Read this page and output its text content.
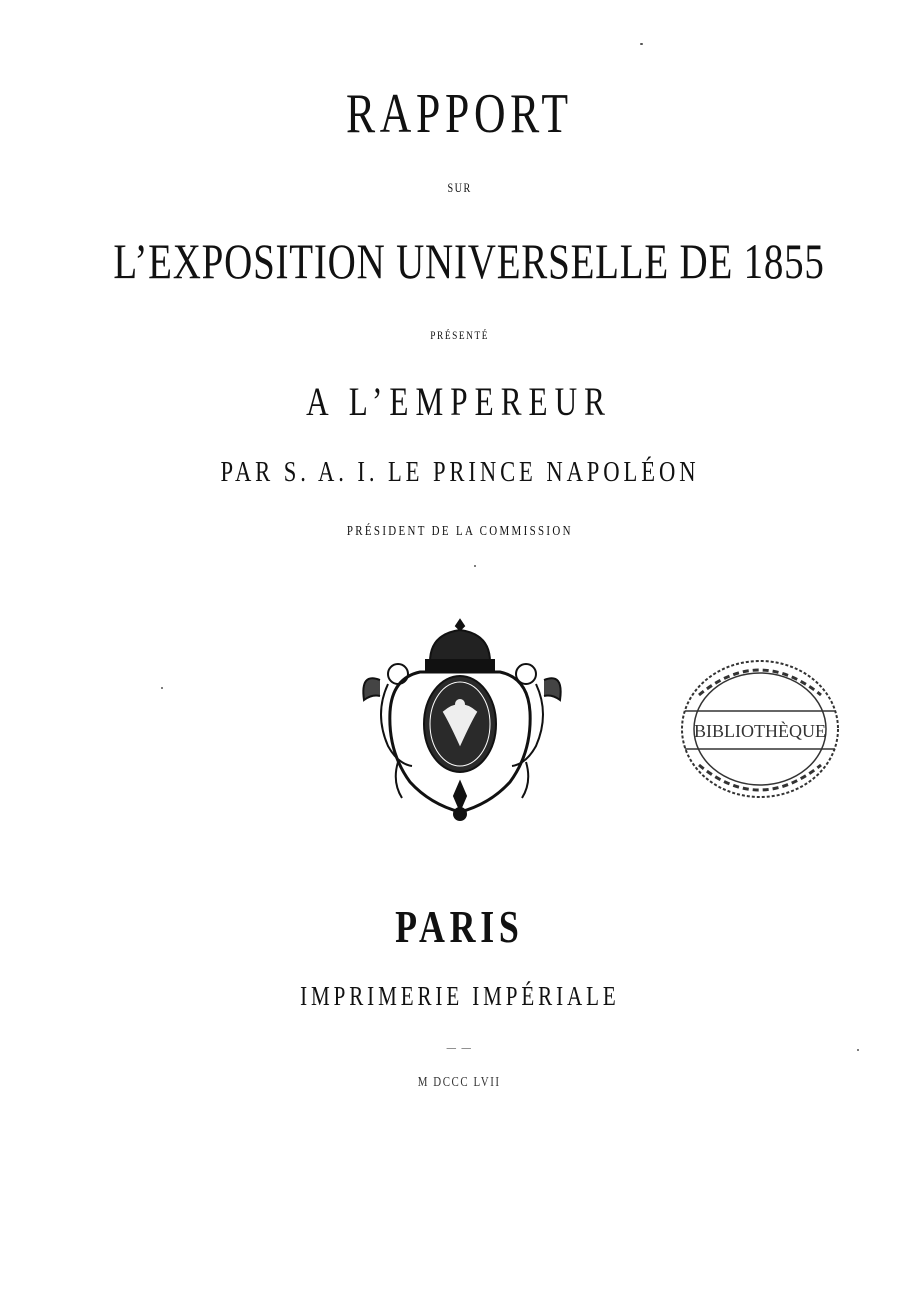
RAPPORT
SUR
L’EXPOSITION UNIVERSELLE DE 1855
PRÉSENTÉ
A L’EMPEREUR
PAR S. A. I. LE PRINCE NAPOLÉON
PRÉSIDENT DE LA COMMISSION
BIBLIOTHÈQUE
PARIS
IMPRIMERIE IMPÉRIALE
— —
M DCCC LVII
